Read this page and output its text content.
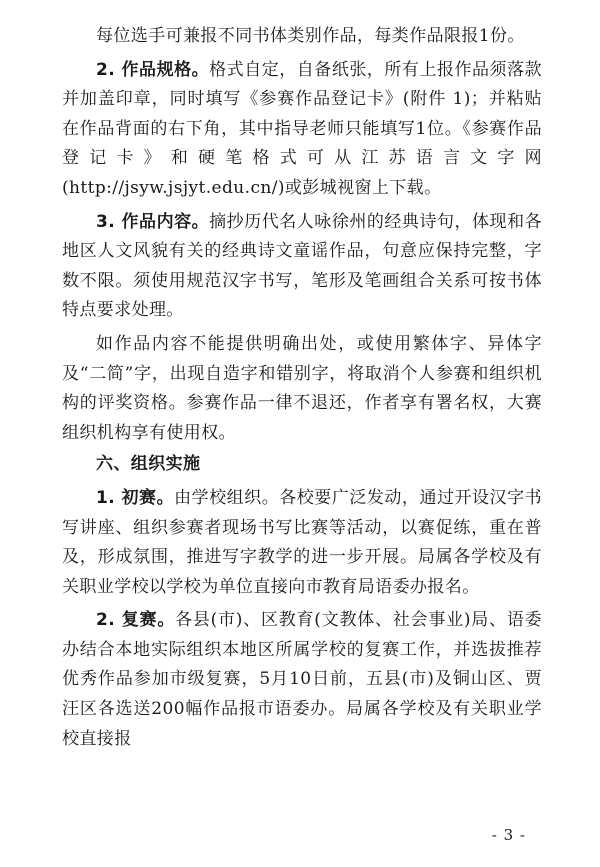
每位选手可兼报不同书体类别作品，每类作品限报1份。

2. 作品规格。格式自定，自备纸张，所有上报作品须落款并加盖印章，同时填写《参赛作品登记卡》(附件 1)；并粘贴在作品背面的右下角，其中指导老师只能填写1位。《参赛作品登记卡》和硬笔格式可从江苏语言文字网(http://jsyw.jsjyt.edu.cn/)或彭城视窗上下载。

3. 作品内容。摘抄历代名人咏徐州的经典诗句，体现和各地区人文风貌有关的经典诗文童谣作品，句意应保持完整，字数不限。须使用规范汉字书写，笔形及笔画组合关系可按书体特点要求处理。

如作品内容不能提供明确出处，或使用繁体字、异体字及“二简”字，出现自造字和错别字，将取消个人参赛和组织机构的评奖资格。参赛作品一律不退还，作者享有署名权，大赛组织机构享有使用权。

六、组织实施

1. 初赛。由学校组织。各校要广泛发动，通过开设汉字书写讲座、组织参赛者现场书写比赛等活动，以赛促练，重在普及，形成氛围，推进写字教学的进一步开展。局属各学校及有关职业学校以学校为单位直接向市教育局语委办报名。

2. 复赛。各县(市)、区教育(文教体、社会事业)局、语委办结合本地实际组织本地区所属学校的复赛工作，并选拔推荐优秀作品参加市级复赛，5月10日前，五县(市)及铜山区、贾汪区各选送200幅作品报市语委办。局属各学校及有关职业学校直接报

- 3 -
